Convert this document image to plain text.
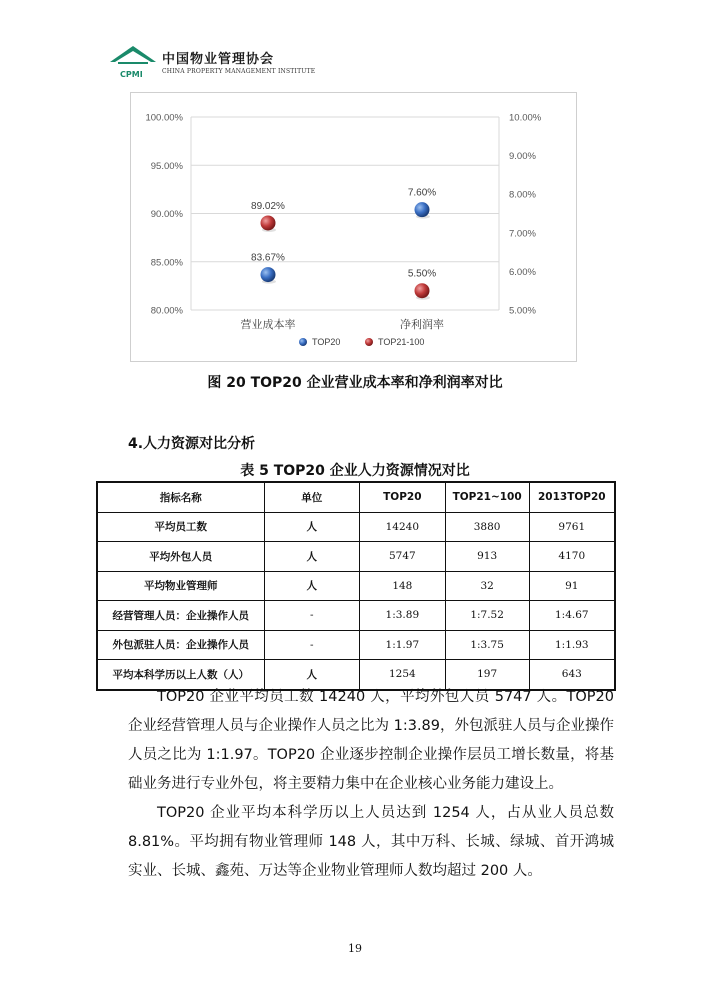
CPMI
中国物业管理协会
CHINA PROPERTY MANAGEMENT INSTITUTE
80.00%
85.00%
90.00%
95.00%
100.00%
5.00%
6.00%
7.00%
8.00%
9.00%
10.00%
营业成本率	净利润率
83.67%
7.60%
89.02%
5.50%
TOP20	TOP21-100
图 20 TOP20 企业营业成本率和净利润率对比
4.人力资源对比分析
表 5 TOP20 企业人力资源情况对比
指标名称	单位	TOP20	TOP21~100	2013TOP20
平均员工数	人	14240	3880	9761
平均外包人员	人	5747	913	4170
平均物业管理师	人	148	32	91
经营管理人员：企业操作人员	-	1:3.89	1:7.52	1:4.67
外包派驻人员：企业操作人员	-	1:1.97	1:3.75	1:1.93
平均本科学历以上人数（人）	人	1254	197	643

TOP20 企业平均员工数 14240 人，平均外包人员 5747 人。TOP20 企业经营管理人员与企业操作人员之比为 1:3.89，外包派驻人员与企业操作人员之比为 1:1.97。TOP20 企业逐步控制企业操作层员工增长数量，将基础业务进行专业外包，将主要精力集中在企业核心业务能力建设上。

TOP20 企业平均本科学历以上人员达到 1254 人，占从业人员总数 8.81%。平均拥有物业管理师 148 人，其中万科、长城、绿城、首开鸿城实业、长城、鑫苑、万达等企业物业管理师人数均超过 200 人。

19
